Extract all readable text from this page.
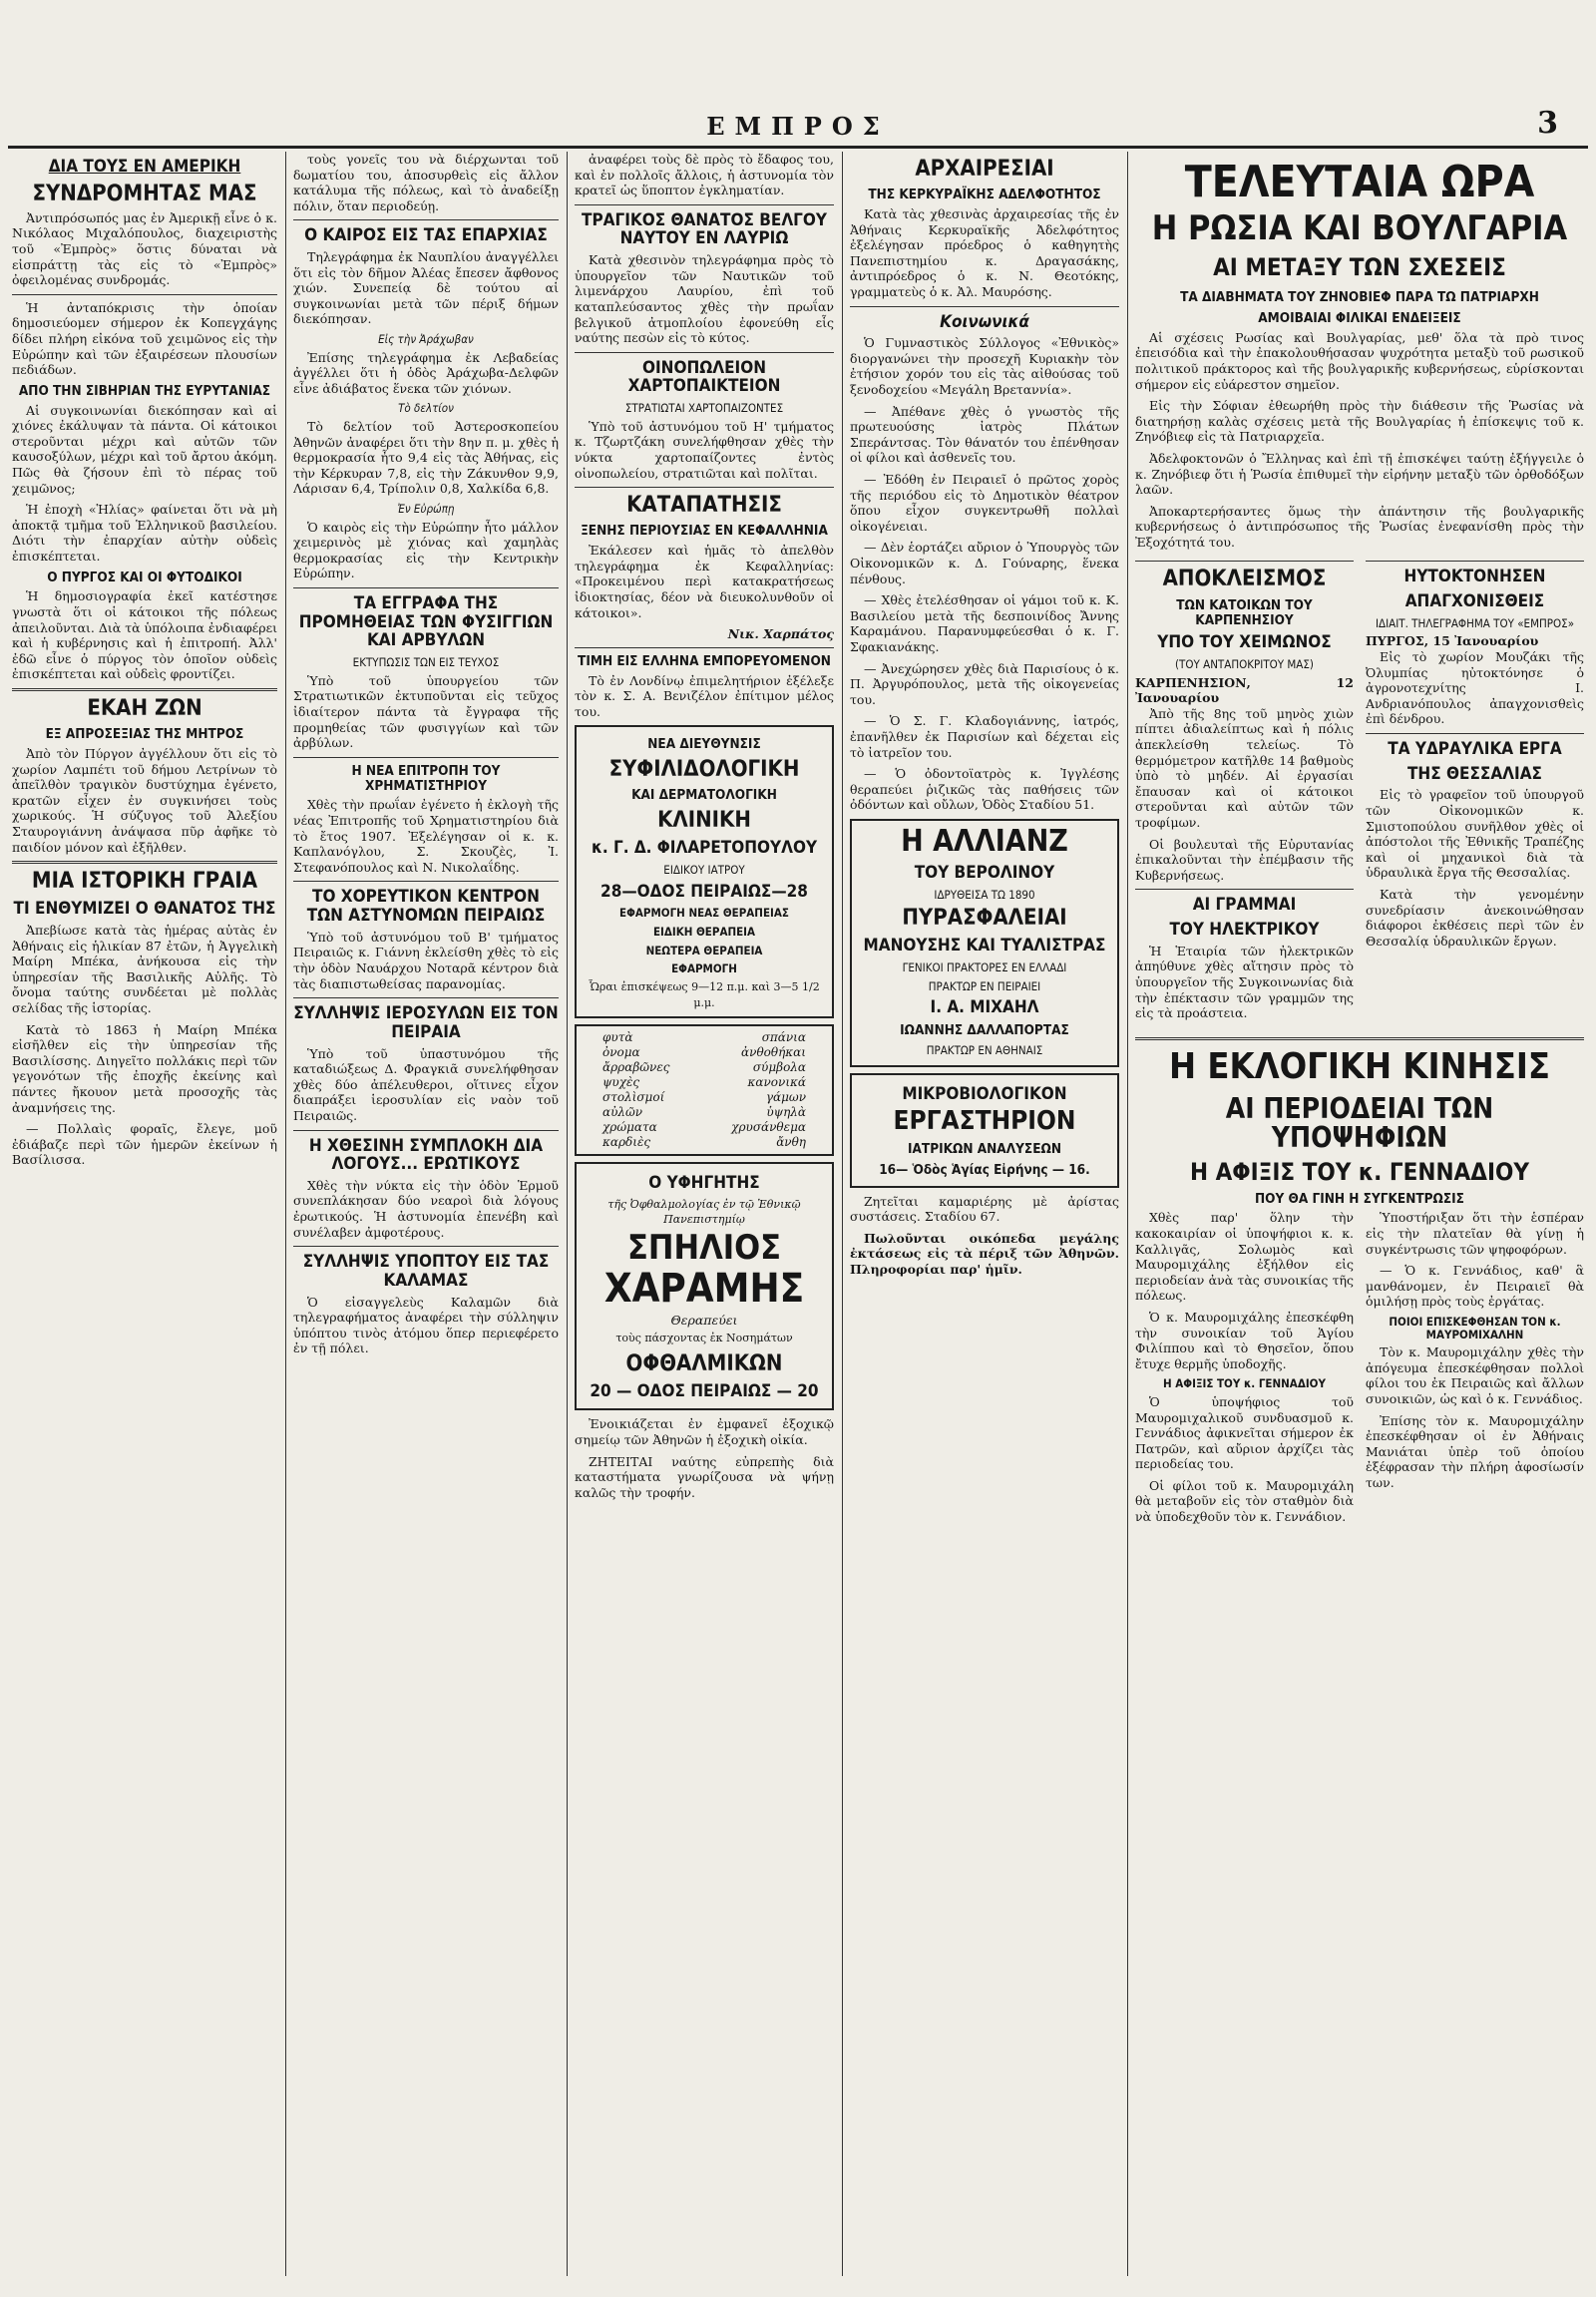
ΕΜΠΡΟΣ	3
ΔΙΑ ΤΟΥΣ ΕΝ ΑΜΕΡΙΚΗ
ΣΥΝΔΡΟΜΗΤΑΣ ΜΑΣ

Ἀντιπρόσωπός μας ἐν Ἀμερικῇ εἶνε ὁ κ. Νικόλαος Μιχαλόπουλος, διαχειριστὴς τοῦ «Ἐμπρὸς» ὅστις δύναται νὰ εἰσπράττῃ τὰς εἰς τὸ «Ἐμπρὸς» ὀφειλομένας συνδρομάς.

Ἡ ἀνταπόκρισις τὴν ὁποίαν δημοσιεύομεν σήμερον ἐκ Κοπεγχάγης δίδει πλήρη εἰκόνα τοῦ χειμῶνος εἰς τὴν Εὐρώπην καὶ τῶν ἐξαιρέσεων πλουσίων πεδιάδων.

ΑΠΟ ΤΗΝ ΣΙΒΗΡΙΑΝ ΤΗΣ ΕΥΡΥΤΑΝΙΑΣ

Αἱ συγκοινωνίαι διεκόπησαν καὶ αἱ χιόνες ἐκάλυψαν τὰ πάντα. Οἱ κάτοικοι στεροῦνται μέχρι καὶ αὐτῶν τῶν καυσοξύλων, μέχρι καὶ τοῦ ἄρτου ἀκόμη. Πῶς θὰ ζήσουν ἐπὶ τὸ πέρας τοῦ χειμῶνος;

Ἡ ἐποχὴ «Ἡλίας» φαίνεται ὅτι νὰ μὴ ἀποκτᾷ τμῆμα τοῦ Ἑλληνικοῦ βασιλείου. Διότι τὴν ἐπαρχίαν αὐτὴν οὐδεὶς ἐπισκέπτεται.

Ο ΠΥΡΓΟΣ ΚΑΙ ΟΙ ΦΥΤΟΔΙΚΟΙ

Ἡ δημοσιογραφία ἐκεῖ κατέστησε γνωστὰ ὅτι οἱ κάτοικοι τῆς πόλεως ἀπειλοῦνται. Διὰ τὰ ὑπόλοιπα ἐνδιαφέρει καὶ ἡ κυβέρνησις καὶ ἡ ἐπιτροπή. Ἀλλ' ἐδῶ εἶνε ὁ πύργος τὸν ὁποῖον οὐδεὶς ἐπισκέπτεται καὶ οὐδεὶς φροντίζει.

ΕΚΑΗ ΖΩΝ
ΕΞ ΑΠΡΟΣΕΞΙΑΣ ΤΗΣ ΜΗΤΡΟΣ

Ἀπὸ τὸν Πύργον ἀγγέλλουν ὅτι εἰς τὸ χωρίον Λαμπέτι τοῦ δήμου Λετρίνων τὸ ἀπεῖλθὸν τραγικὸν δυστύχημα ἐγένετο, κρατῶν εἶχεν ἐν συγκινήσει τοὺς χωρικούς. Ἡ σύζυγος τοῦ Ἀλεξίου Σταυρογιάννη ἀνάψασα πῦρ ἀφῆκε τὸ παιδίον μόνον καὶ ἐξῆλθεν.

ΜΙΑ ΙΣΤΟΡΙΚΗ ΓΡΑΙΑ
ΤΙ ΕΝΘΥΜΙΖΕΙ Ο ΘΑΝΑΤΟΣ ΤΗΣ

Ἀπεβίωσε κατὰ τὰς ἡμέρας αὐτὰς ἐν Ἀθήναις εἰς ἡλικίαν 87 ἐτῶν, ἡ Ἀγγελικὴ Μαίρη Μπέκα, ἀνήκουσα εἰς τὴν ὑπηρεσίαν τῆς Βασιλικῆς Αὐλῆς. Τὸ ὄνομα ταύτης συνδέεται μὲ πολλὰς σελίδας τῆς ἱστορίας.

Κατὰ τὸ 1863 ἡ Μαίρη Μπέκα εἰσῆλθεν εἰς τὴν ὑπηρεσίαν τῆς Βασιλίσσης. Διηγεῖτο πολλάκις περὶ τῶν γεγονότων τῆς ἐποχῆς ἐκείνης καὶ πάντες ἤκουον μετὰ προσοχῆς τὰς ἀναμνήσεις της.

— Πολλαὶς φοραῖς, ἔλεγε, μοῦ ἐδιάβαζε περὶ τῶν ἡμερῶν ἐκείνων ἡ Βασίλισσα.

τοὺς γονεῖς του νὰ διέρχωνται τοῦ δωματίου του, ἀποσυρθεὶς εἰς ἄλλον κατάλυμα τῆς πόλεως, καὶ τὸ ἀναδείξῃ πόλιν, ὅταν περιοδεύῃ.

Ο ΚΑΙΡΟΣ ΕΙΣ ΤΑΣ ΕΠΑΡΧΙΑΣ

Τηλεγράφημα ἐκ Ναυπλίου ἀναγγέλλει ὅτι εἰς τὸν δῆμον Ἀλέας ἔπεσεν ἄφθονος χιών. Συνεπείᾳ δὲ τούτου αἱ συγκοινωνίαι μετὰ τῶν πέριξ δήμων διεκόπησαν.

Εἰς τὴν Ἀράχωβαν

Ἐπίσης τηλεγράφημα ἐκ Λεβαδείας ἀγγέλλει ὅτι ἡ ὁδὸς Ἀράχωβα-Δελφῶν εἶνε ἀδιάβατος ἕνεκα τῶν χιόνων.

Τὸ δελτίον

Τὸ δελτίον τοῦ Ἀστεροσκοπείου Ἀθηνῶν ἀναφέρει ὅτι τὴν 8ην π. μ. χθὲς ἡ θερμοκρασία ἦτο 9,4 εἰς τὰς Ἀθήνας, εἰς τὴν Κέρκυραν 7,8, εἰς τὴν Ζάκυνθον 9,9, Λάρισαν 6,4, Τρίπολιν 0,8, Χαλκίδα 6,8.

Ἐν Εὐρώπῃ

Ὁ καιρὸς εἰς τὴν Εὐρώπην ἦτο μάλλον χειμερινὸς μὲ χιόνας καὶ χαμηλὰς θερμοκρασίας εἰς τὴν Κεντρικὴν Εὐρώπην.

ΤΑ ΕΓΓΡΑΦΑ ΤΗΣ ΠΡΟΜΗΘΕΙΑΣ ΤΩΝ ΦΥΣΙΓΓΙΩΝ ΚΑΙ ΑΡΒΥΛΩΝ
ΕΚΤΥΠΩΣΙΣ ΤΩΝ ΕΙΣ ΤΕΥΧΟΣ

Ὑπὸ τοῦ ὑπουργείου τῶν Στρατιωτικῶν ἐκτυποῦνται εἰς τεῦχος ἰδιαίτερον πάντα τὰ ἔγγραφα τῆς προμηθείας τῶν φυσιγγίων καὶ τῶν ἀρβύλων.

Η ΝΕΑ ΕΠΙΤΡΟΠΗ ΤΟΥ ΧΡΗΜΑΤΙΣΤΗΡΙΟΥ

Χθὲς τὴν πρωΐαν ἐγένετο ἡ ἐκλογὴ τῆς νέας Ἐπιτροπῆς τοῦ Χρηματιστηρίου διὰ τὸ ἔτος 1907. Ἐξελέγησαν οἱ κ. κ. Καπλανόγλου, Σ. Σκουζὲς, Ἰ. Στεφανόπουλος καὶ Ν. Νικολαΐδης.

ΤΟ ΧΟΡΕΥΤΙΚΟΝ ΚΕΝΤΡΟΝ ΤΩΝ ΑΣΤΥΝΟΜΩΝ ΠΕΙΡΑΙΩΣ

Ὑπὸ τοῦ ἀστυνόμου τοῦ Β' τμήματος Πειραιῶς κ. Γιάννη ἐκλείσθη χθὲς τὸ εἰς τὴν ὁδὸν Ναυάρχου Νοταρᾶ κέντρον διὰ τὰς διαπιστωθείσας παρανομίας.

ΣΥΛΛΗΨΙΣ ΙΕΡΟΣΥΛΩΝ ΕΙΣ ΤΟΝ ΠΕΙΡΑΙΑ

Ὑπὸ τοῦ ὑπαστυνόμου τῆς καταδιώξεως Δ. Φραγκιᾶ συνελήφθησαν χθὲς δύο ἀπέλευθεροι, οἵτινες εἶχον διαπράξει ἱεροσυλίαν εἰς ναὸν τοῦ Πειραιῶς.

Η ΧΘΕΣΙΝΗ ΣΥΜΠΛΟΚΗ ΔΙΑ ΛΟΓΟΥΣ... ΕΡΩΤΙΚΟΥΣ

Χθὲς τὴν νύκτα εἰς τὴν ὁδὸν Ἑρμοῦ συνεπλάκησαν δύο νεαροὶ διὰ λόγους ἐρωτικούς. Ἡ ἀστυνομία ἐπενέβη καὶ συνέλαβεν ἀμφοτέρους.

ΣΥΛΛΗΨΙΣ ΥΠΟΠΤΟΥ ΕΙΣ ΤΑΣ ΚΑΛΑΜΑΣ

Ὁ εἰσαγγελεὺς Καλαμῶν διὰ τηλεγραφήματος ἀναφέρει τὴν σύλληψιν ὑπόπτου τινὸς ἀτόμου ὅπερ περιεφέρετο ἐν τῇ πόλει.

ἀναφέρει τοὺς δὲ πρὸς τὸ ἔδαφος του, καὶ ἐν πολλοῖς ἄλλοις, ἡ ἀστυνομία τὸν κρατεῖ ὡς ὕποπτον ἐγκληματίαν.

ΤΡΑΓΙΚΟΣ ΘΑΝΑΤΟΣ ΒΕΛΓΟΥ ΝΑΥΤΟΥ ΕΝ ΛΑΥΡΙΩ

Κατὰ χθεσινὸν τηλεγράφημα πρὸς τὸ ὑπουργεῖον τῶν Ναυτικῶν τοῦ λιμενάρχου Λαυρίου, ἐπὶ τοῦ καταπλεύσαντος χθὲς τὴν πρωΐαν βελγικοῦ ἀτμοπλοίου ἐφονεύθη εἷς ναύτης πεσὼν εἰς τὸ κύτος.

ΟΙΝΟΠΩΛΕΙΟΝ ΧΑΡΤΟΠΑΙΚΤΕΙΟΝ
ΣΤΡΑΤΙΩΤΑΙ ΧΑΡΤΟΠΑΙΖΟΝΤΕΣ

Ὑπὸ τοῦ ἀστυνόμου τοῦ Η' τμήματος κ. Τζωρτζάκη συνελήφθησαν χθὲς τὴν νύκτα χαρτοπαίζοντες ἐντὸς οἰνοπωλείου, στρατιῶται καὶ πολῖται.

ΚΑΤΑΠΑΤΗΣΙΣ
ΞΕΝΗΣ ΠΕΡΙΟΥΣΙΑΣ ΕΝ ΚΕΦΑΛΛΗΝΙΑ

Ἐκάλεσεν καὶ ἡμᾶς τὸ ἀπελθὸν τηλεγράφημα ἐκ Κεφαλληνίας: «Προκειμένου περὶ κατακρατήσεως ἰδιοκτησίας, δέον νὰ διευκολυνθοῦν οἱ κάτοικοι».

Νικ. Χαρπάτος
ΤΙΜΗ ΕΙΣ ΕΛΛΗΝΑ ΕΜΠΟΡΕΥΟΜΕΝΟΝ

Τὸ ἐν Λονδίνῳ ἐπιμελητήριον ἐξέλεξε τὸν κ. Σ. Α. Βενιζέλον ἐπίτιμον μέλος του.

ΝΕΑ ΔΙΕΥΘΥΝΣΙΣ
ΣΥΦΙΛΙΔΟΛΟΓΙΚΗ
ΚΑΙ ΔΕΡΜΑΤΟΛΟΓΙΚΗ
ΚΛΙΝΙΚΗ
κ. Γ. Δ. ΦΙΛΑΡΕΤΟΠΟΥΛΟΥ
ΕΙΔΙΚΟΥ ΙΑΤΡΟΥ
28—ΟΔΟΣ ΠΕΙΡΑΙΩΣ—28
ΕΦΑΡΜΟΓΗ ΝΕΑΣ ΘΕΡΑΠΕΙΑΣ
ΕΙΔΙΚΗ ΘΕΡΑΠΕΙΑ
ΝΕΩΤΕΡΑ ΘΕΡΑΠΕΙΑ
ΕΦΑΡΜΟΓΗ
Ὧραι ἐπισκέψεως 9—12 π.μ. καὶ 3—5 1/2 μ.μ.
φυτὰ	σπάνια
ὀνομα	ἀνθοθήκαι
ἄρραβῶνες	σύμβολα
ψυχὲς	κανονικά
στολὶσμοί	γάμων
αὐλῶν	ὑψηλὰ
χρώματα	χρυσάνθεμα
καρδιὲς	ἄνθη
Ο ΥΦΗΓΗΤΗΣ
τῆς Ὀφθαλμολογίας ἐν τῷ Ἐθνικῷ Πανεπιστημίῳ
ΣΠΗΛΙΟΣ
ΧΑΡΑΜΗΣ
Θεραπεύει
τοὺς πάσχοντας ἐκ Νοσημάτων
ΟΦΘΑΛΜΙΚΩΝ
20 — ΟΔΟΣ ΠΕΙΡΑΙΩΣ — 20

Ἐνοικιάζεται ἐν ἐμφανεῖ ἐξοχικῷ σημείῳ τῶν Ἀθηνῶν ἡ ἐξοχικὴ οἰκία.

ΖΗΤΕΙΤΑΙ ναύτης εὐπρεπὴς διὰ καταστήματα γνωρίζουσα νὰ ψήνῃ καλῶς τὴν τροφήν.

ΑΡΧΑΙΡΕΣΙΑΙ
ΤΗΣ ΚΕΡΚΥΡΑΪΚΗΣ ΑΔΕΛΦΟΤΗΤΟΣ

Κατὰ τὰς χθεσινὰς ἀρχαιρεσίας τῆς ἐν Ἀθήναις Κερκυραϊκῆς Ἀδελφότητος ἐξελέγησαν πρόεδρος ὁ καθηγητὴς Πανεπιστημίου κ. Δραγασάκης, ἀντιπρόεδρος ὁ κ. Ν. Θεοτόκης, γραμματεὺς ὁ κ. Ἀλ. Μαυρόσης.

Κοινωνικά

Ὁ Γυμναστικὸς Σύλλογος «Ἐθνικὸς» διοργανώνει τὴν προσεχῆ Κυριακὴν τὸν ἐτήσιον χορόν του εἰς τὰς αἰθούσας τοῦ ξενοδοχείου «Μεγάλη Βρεταννία».

— Ἀπέθανε χθὲς ὁ γνωστὸς τῆς πρωτευούσης ἰατρὸς Πλάτων Σπεράντσας. Τὸν θάνατόν του ἐπένθησαν οἱ φίλοι καὶ ἀσθενεῖς του.

— Ἐδόθη ἐν Πειραιεῖ ὁ πρῶτος χορὸς τῆς περιόδου εἰς τὸ Δημοτικὸν θέατρον ὅπου εἶχον συγκεντρωθῆ πολλαὶ οἰκογένειαι.

— Δὲν ἑορτάζει αὔριον ὁ Ὑπουργὸς τῶν Οἰκονομικῶν κ. Δ. Γούναρης, ἕνεκα πένθους.

— Χθὲς ἐτελέσθησαν οἱ γάμοι τοῦ κ. Κ. Βασιλείου μετὰ τῆς δεσποινίδος Ἄννης Καραμάνου. Παρανυμφεύεσθαι ὁ κ. Γ. Σφακιανάκης.

— Ἀνεχώρησεν χθὲς διὰ Παρισίους ὁ κ. Π. Ἀργυρόπουλος, μετὰ τῆς οἰκογενείας του.

— Ὁ Σ. Γ. Κλαδογιάννης, ἰατρός, ἐπανῆλθεν ἐκ Παρισίων καὶ δέχεται εἰς τὸ ἰατρεῖον του.

— Ὁ ὀδοντοϊατρὸς κ. Ἰγγλέσης θεραπεύει ῥιζικῶς τὰς παθήσεις τῶν ὀδόντων καὶ οὔλων, Ὁδὸς Σταδίου 51.

Η ΑΛΛΙΑΝΖ
ΤΟΥ ΒΕΡΟΛΙΝΟΥ
ΙΔΡΥΘΕΙΣΑ ΤΩ 1890
ΠΥΡΑΣΦΑΛΕΙΑΙ
ΜΑΝΟΥΣΗΣ ΚΑΙ ΤΥΑΛΙΣΤΡΑΣ
ΓΕΝΙΚΟΙ ΠΡΑΚΤΟΡΕΣ ΕΝ ΕΛΛΑΔΙ
ΠΡΑΚΤΩΡ ΕΝ ΠΕΙΡΑΙΕΙ
Ι. Α. ΜΙΧΑΗΛ
ΙΩΑΝΝΗΣ ΔΑΛΛΑΠΟΡΤΑΣ
ΠΡΑΚΤΩΡ ΕΝ ΑΘΗΝΑΙΣ
ΜΙΚΡΟΒΙΟΛΟΓΙΚΟΝ
ΕΡΓΑΣΤΗΡΙΟΝ
ΙΑΤΡΙΚΩΝ ΑΝΑΛΥΣΕΩΝ
16— Ὁδὸς Ἁγίας Εἰρήνης — 16.

Ζητεῖται καμαριέρης μὲ ἀρίστας συστάσεις. Σταδίου 67.

Πωλοῦνται οικόπεδα μεγάλης ἐκτάσεως εἰς τὰ πέριξ τῶν Ἀθηνῶν. Πληροφορίαι παρ' ἡμῖν.

ΤΕΛΕΥΤΑΙΑ ΩΡΑ
Η ΡΩΣΙΑ ΚΑΙ ΒΟΥΛΓΑΡΙΑ
ΑΙ ΜΕΤΑΞΥ ΤΩΝ ΣΧΕΣΕΙΣ
ΤΑ ΔΙΑΒΗΜΑΤΑ ΤΟΥ ΖΗΝΟΒΙΕΦ ΠΑΡΑ ΤΩ ΠΑΤΡΙΑΡΧΗ
ΑΜΟΙΒΑΙΑΙ ΦΙΛΙΚΑΙ ΕΝΔΕΙΞΕΙΣ

Αἱ σχέσεις Ρωσίας καὶ Βουλγαρίας, μεθ' ὅλα τὰ πρὸ τινος ἐπεισόδια καὶ τὴν ἐπακολουθήσασαν ψυχρότητα μεταξὺ τοῦ ρωσικοῦ πολιτικοῦ πράκτορος καὶ τῆς βουλγαρικῆς κυβερνήσεως, εὑρίσκονται σήμερον εἰς εὐάρεστον σημεῖον.

Εἰς τὴν Σόφιαν ἐθεωρήθη πρὸς τὴν διάθεσιν τῆς Ῥωσίας νὰ διατηρήσῃ καλὰς σχέσεις μετὰ τῆς Βουλγαρίας ἡ ἐπίσκεψις τοῦ κ. Ζηνόβιεφ εἰς τὰ Πατριαρχεῖα.

Ἀδελφοκτονῶν ὁ Ἔλληνας καὶ ἐπὶ τῇ ἐπισκέψει ταύτῃ ἐξήγγειλε ὁ κ. Ζηνόβιεφ ὅτι ἡ Ῥωσία ἐπιθυμεῖ τὴν εἰρήνην μεταξὺ τῶν ὀρθοδόξων λαῶν.

Ἀποκαρτερήσαντες ὅμως τὴν ἀπάντησιν τῆς βουλγαρικῆς κυβερνήσεως ὁ ἀντιπρόσωπος τῆς Ῥωσίας ἐνεφανίσθη πρὸς τὴν Ἐξοχότητά του.

ΑΠΟΚΛΕΙΣΜΟΣ
ΤΩΝ ΚΑΤΟΙΚΩΝ ΤΟΥ ΚΑΡΠΕΝΗΣΙΟΥ
ΥΠΟ ΤΟΥ ΧΕΙΜΩΝΟΣ
(ΤΟΥ ΑΝΤΑΠΟΚΡΙΤΟΥ ΜΑΣ)
ΚΑΡΠΕΝΗΣΙΟΝ, 12 Ἰανουαρίου

Ἀπὸ τῆς 8ης τοῦ μηνὸς χιὼν πίπτει ἀδιαλείπτως καὶ ἡ πόλις ἀπεκλείσθη τελείως. Τὸ θερμόμετρον κατῆλθε 14 βαθμοὺς ὑπὸ τὸ μηδέν. Αἱ ἐργασίαι ἔπαυσαν καὶ οἱ κάτοικοι στεροῦνται καὶ αὐτῶν τῶν τροφίμων.

Οἱ βουλευταὶ τῆς Εὐρυτανίας ἐπικαλοῦνται τὴν ἐπέμβασιν τῆς Κυβερνήσεως.

ΑΙ ΓΡΑΜΜΑΙ
ΤΟΥ ΗΛΕΚΤΡΙΚΟΥ

Ἡ Ἑταιρία τῶν ἠλεκτρικῶν ἀπηύθυνε χθὲς αἴτησιν πρὸς τὸ ὑπουργεῖον τῆς Συγκοινωνίας διὰ τὴν ἐπέκτασιν τῶν γραμμῶν της εἰς τὰ προάστεια.

ΗΥΤΟΚΤΟΝΗΣΕΝ
ΑΠΑΓΧΟΝΙΣΘΕΙΣ
ΙΔΙΑΙΤ. ΤΗΛΕΓΡΑΦΗΜΑ ΤΟΥ «ΕΜΠΡΟΣ»
ΠΥΡΓΟΣ, 15 Ἰανουαρίου

Εἰς τὸ χωρίον Μουζάκι τῆς Ὀλυμπίας ηὐτοκτόνησε ὁ ἀγρονοτεχνίτης Ι. Ανδριανόπουλος ἀπαγχονισθεὶς ἐπὶ δένδρου.

ΤΑ ΥΔΡΑΥΛΙΚΑ ΕΡΓΑ
ΤΗΣ ΘΕΣΣΑΛΙΑΣ

Εἰς τὸ γραφεῖον τοῦ ὑπουργοῦ τῶν Οἰκονομικῶν κ. Σμιστοπούλου συνῆλθον χθὲς οἱ ἀπόστολοι τῆς Ἐθνικῆς Τραπέζης καὶ οἱ μηχανικοὶ διὰ τὰ ὑδραυλικὰ ἔργα τῆς Θεσσαλίας.

Κατὰ τὴν γενομένην συνεδρίασιν ἀνεκοινώθησαν διάφοροι ἐκθέσεις περὶ τῶν ἐν Θεσσαλίᾳ ὑδραυλικῶν ἔργων.

Η ΕΚΛΟΓΙΚΗ ΚΙΝΗΣΙΣ
ΑΙ ΠΕΡΙΟΔΕΙΑΙ ΤΩΝ ΥΠΟΨΗΦΙΩΝ
Η ΑΦΙΞΙΣ ΤΟΥ κ. ΓΕΝΝΑΔΙΟΥ
ΠΟΥ ΘΑ ΓΙΝΗ Η ΣΥΓΚΕΝΤΡΩΣΙΣ

Χθὲς παρ' ὅλην τὴν κακοκαιρίαν οἱ ὑποψήφιοι κ. κ. Καλλιγᾶς, Σολωμὸς καὶ Μαυρομιχάλης ἐξήλθον εἰς περιοδείαν ἀνὰ τὰς συνοικίας τῆς πόλεως.

Ὁ κ. Μαυρομιχάλης ἐπεσκέφθη τὴν συνοικίαν τοῦ Ἁγίου Φιλίππου καὶ τὸ Θησεῖον, ὅπου ἔτυχε θερμῆς ὑποδοχῆς.

Η ΑΦΙΞΙΣ ΤΟΥ κ. ΓΕΝΝΑΔΙΟΥ

Ὁ ὑποψήφιος τοῦ Μαυρομιχαλικοῦ συνδυασμοῦ κ. Γεννάδιος ἀφικνεῖται σήμερον ἐκ Πατρῶν, καὶ αὔριον ἀρχίζει τὰς περιοδείας του.

Οἱ φίλοι τοῦ κ. Μαυρομιχάλη θὰ μεταβοῦν εἰς τὸν σταθμὸν διὰ νὰ ὑποδεχθοῦν τὸν κ. Γεννάδιον.

Ὑποστήριξαν ὅτι τὴν ἑσπέραν εἰς τὴν πλατεῖαν θὰ γίνῃ ἡ συγκέντρωσις τῶν ψηφοφόρων.

— Ὁ κ. Γεννάδιος, καθ' ἃ μανθάνομεν, ἐν Πειραιεῖ θὰ ὁμιλήσῃ πρὸς τοὺς ἐργάτας.

ΠΟΙΟΙ ΕΠΙΣΚΕΦΘΗΣΑΝ ΤΟΝ κ. ΜΑΥΡΟΜΙΧΑΛΗΝ

Τὸν κ. Μαυρομιχάλην χθὲς τὴν ἀπόγευμα ἐπεσκέφθησαν πολλοὶ φίλοι του ἐκ Πειραιῶς καὶ ἄλλων συνοικιῶν, ὡς καὶ ὁ κ. Γεννάδιος.

Ἐπίσης τὸν κ. Μαυρομιχάλην ἐπεσκέφθησαν οἱ ἐν Ἀθήναις Μανιάται ὑπὲρ τοῦ ὁποίου ἐξέφρασαν τὴν πλήρη ἀφοσίωσίν των.
